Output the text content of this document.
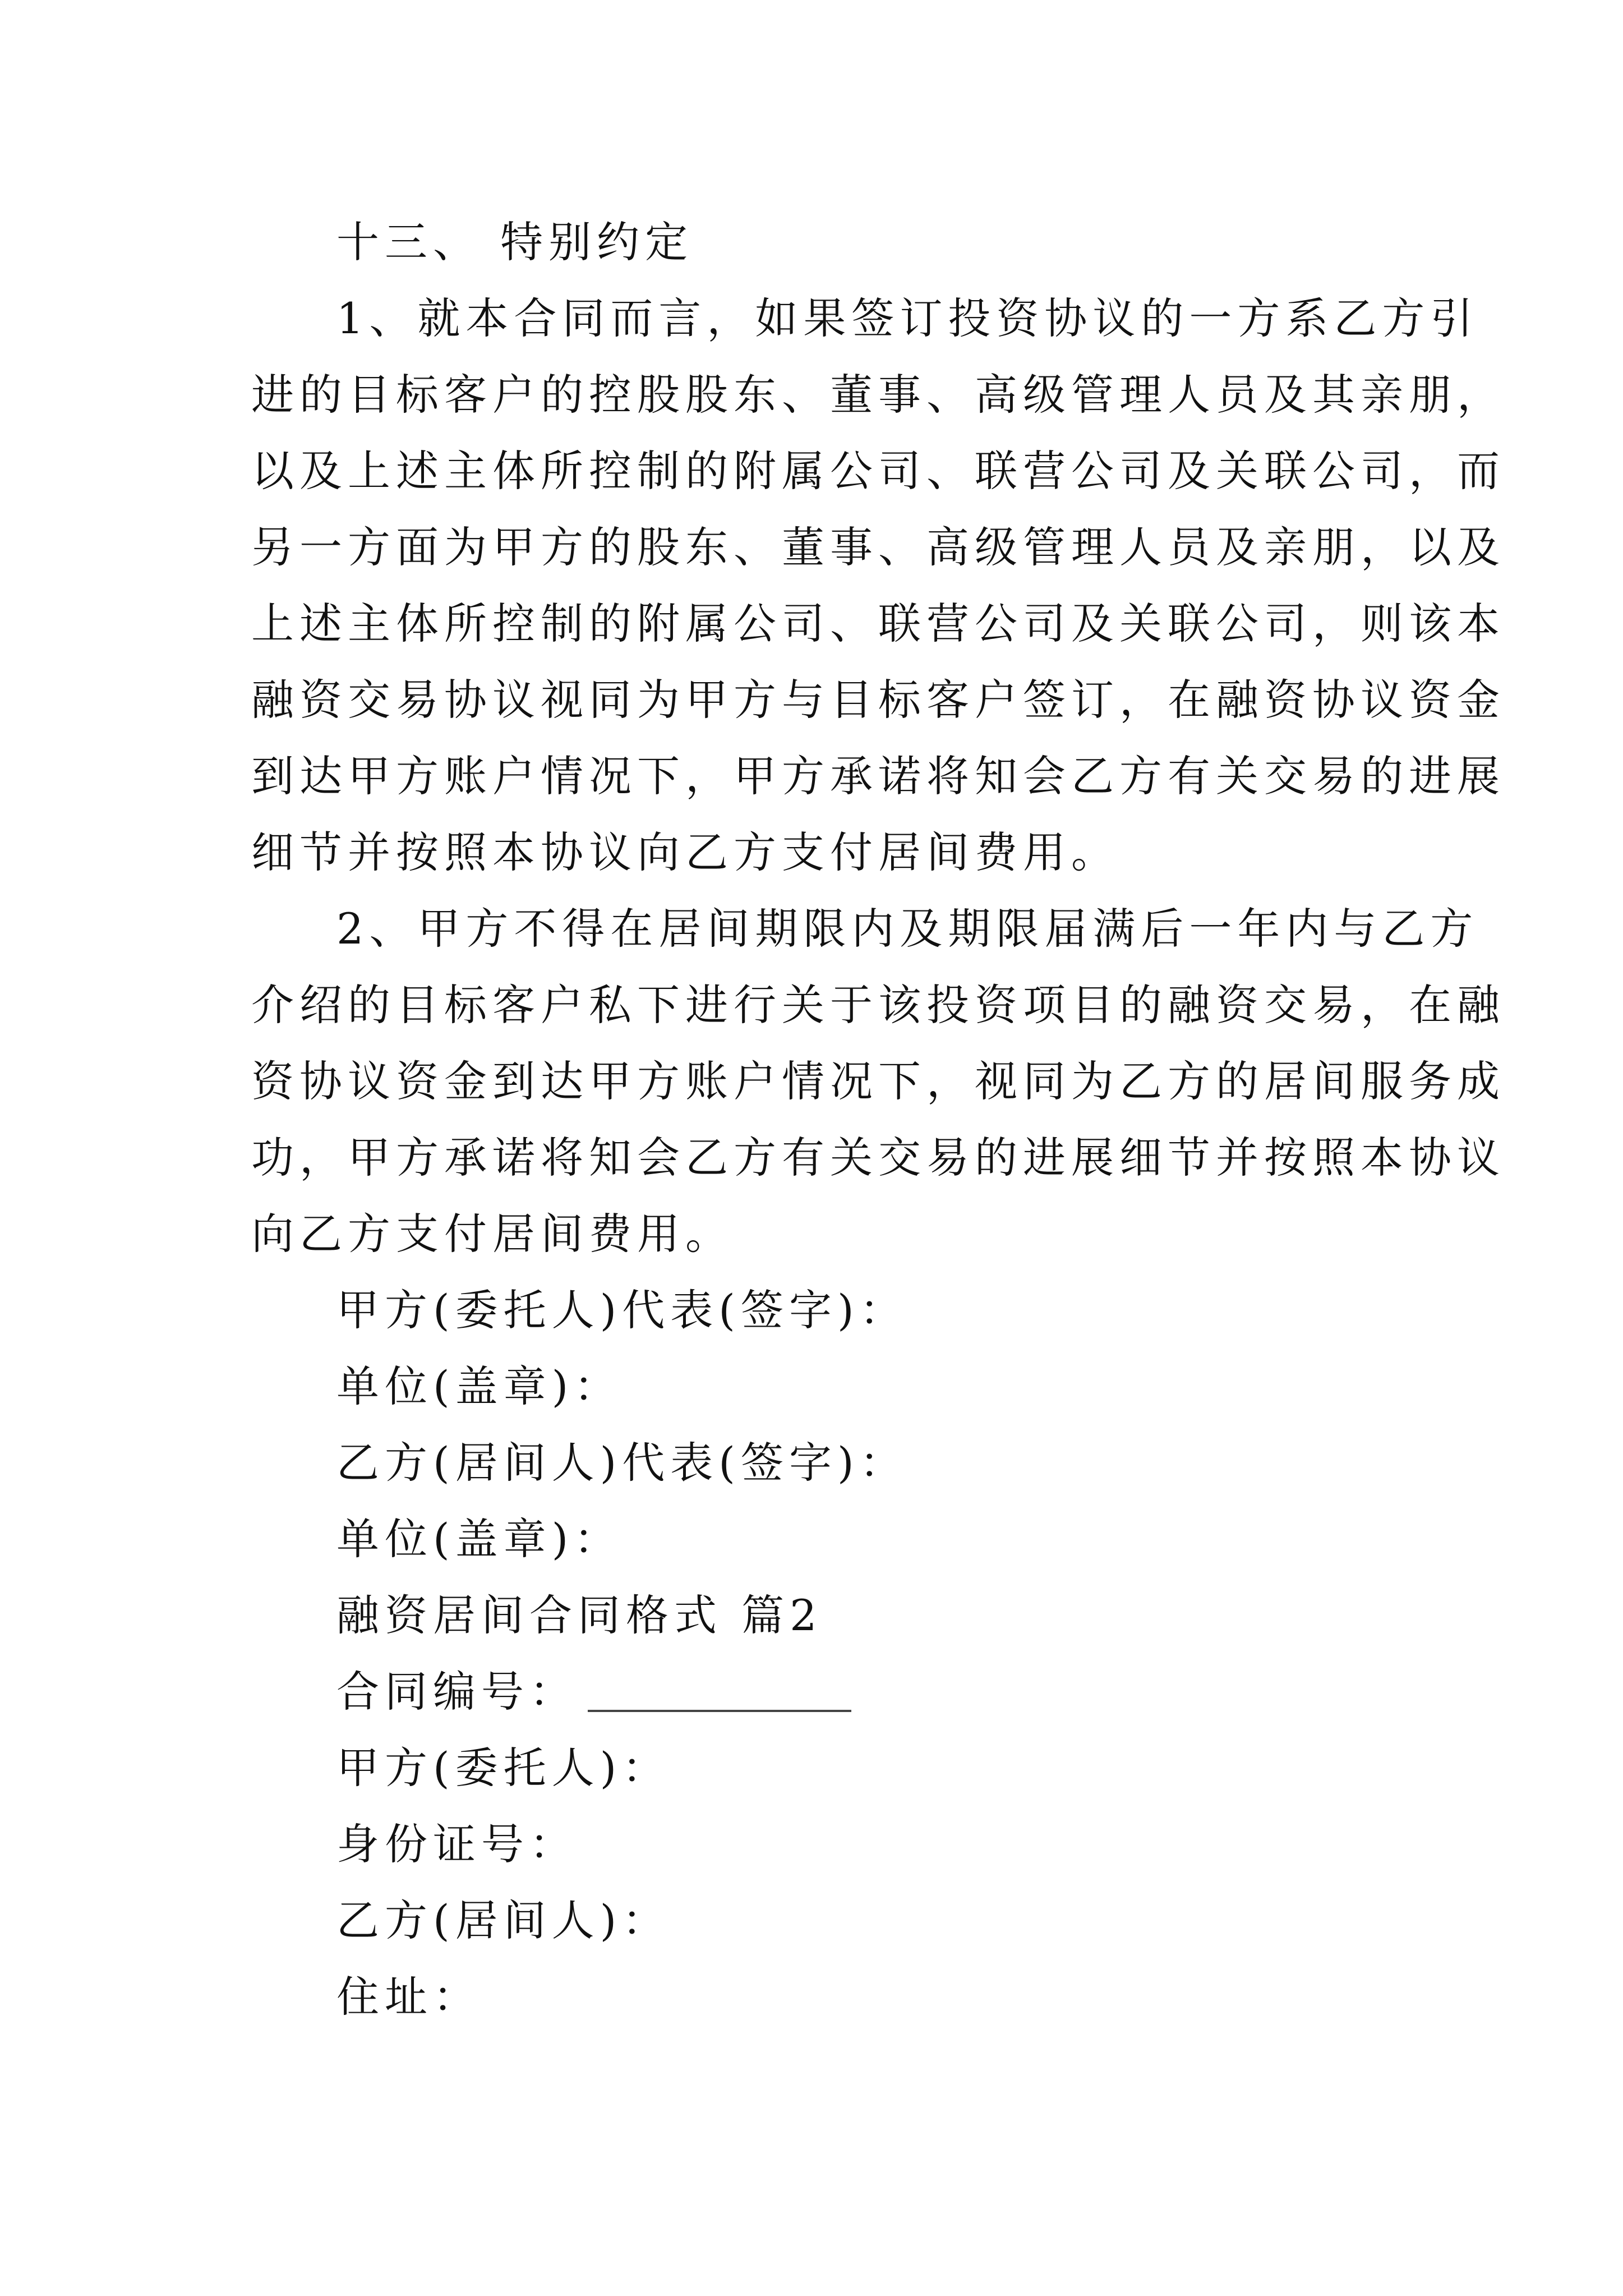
十三、 特别约定
1、就本合同而言，如果签订投资协议的一方系乙方引
进的目标客户的控股股东、董事、高级管理人员及其亲朋，
以及上述主体所控制的附属公司、联营公司及关联公司，而
另一方面为甲方的股东、董事、高级管理人员及亲朋，以及
上述主体所控制的附属公司、联营公司及关联公司，则该本
融资交易协议视同为甲方与目标客户签订，在融资协议资金
到达甲方账户情况下，甲方承诺将知会乙方有关交易的进展
细节并按照本协议向乙方支付居间费用。
2、甲方不得在居间期限内及期限届满后一年内与乙方
介绍的目标客户私下进行关于该投资项目的融资交易，在融
资协议资金到达甲方账户情况下，视同为乙方的居间服务成
功，甲方承诺将知会乙方有关交易的进展细节并按照本协议
向乙方支付居间费用。
甲方(委托人)代表(签字)：
单位(盖章)：
乙方(居间人)代表(签字)：
单位(盖章)：
融资居间合同格式 篇2
合同编号：
甲方(委托人)：
身份证号：
乙方(居间人)：
住址：
